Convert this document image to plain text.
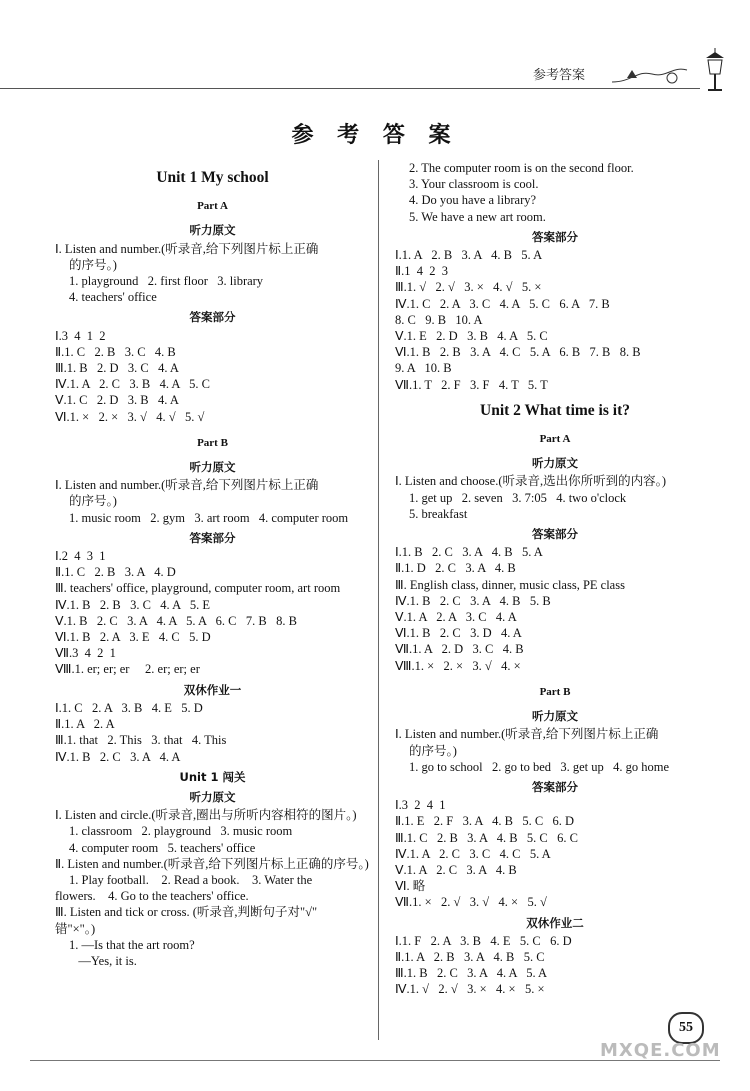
参考答案
参 考 答 案
Unit 1 My school
Part A
听力原文
Ⅰ. Listen and number.(听录音,给下列图片标上正确
的序号。)
1. playground   2. first floor   3. library
4. teachers' office
答案部分
Ⅰ.3  4  1  2
Ⅱ.1. C   2. B   3. C   4. B
Ⅲ.1. B   2. D   3. C   4. A
Ⅳ.1. A   2. C   3. B   4. A   5. C
Ⅴ.1. C   2. D   3. B   4. A
Ⅵ.1. ×   2. ×   3. √   4. √   5. √
Part B
听力原文
Ⅰ. Listen and number.(听录音,给下列图片标上正确
的序号。)
1. music room   2. gym   3. art room   4. computer room
答案部分
Ⅰ.2  4  3  1
Ⅱ.1. C   2. B   3. A   4. D
Ⅲ. teachers' office, playground, computer room, art room
Ⅳ.1. B   2. B   3. C   4. A   5. E
Ⅴ.1. B   2. C   3. A   4. A   5. A   6. C   7. B   8. B
Ⅵ.1. B   2. A   3. E   4. C   5. D
Ⅶ.3  4  2  1
Ⅷ.1. er; er; er     2. er; er; er
双休作业一
Ⅰ.1. C   2. A   3. B   4. E   5. D
Ⅱ.1. A   2. A
Ⅲ.1. that   2. This   3. that   4. This
Ⅳ.1. B   2. C   3. A   4. A
Unit 1 闯关
听力原文
Ⅰ. Listen and circle.(听录音,圈出与所听内容相符的图片。)
1. classroom   2. playground   3. music room
4. computer room   5. teachers' office
Ⅱ. Listen and number.(听录音,给下列图片标上正确的序号。)
1. Play football.    2. Read a book.    3. Water the
flowers.    4. Go to the teachers' office.
Ⅲ. Listen and tick or cross. (听录音,判断句子对"√"
错"×"。)
1. —Is that the art room?
—Yes, it is.
2. The computer room is on the second floor.
3. Your classroom is cool.
4. Do you have a library?
5. We have a new art room.
答案部分
Ⅰ.1. A   2. B   3. A   4. B   5. A
Ⅱ.1  4  2  3
Ⅲ.1. √   2. √   3. ×   4. √   5. ×
Ⅳ.1. C   2. A   3. C   4. A   5. C   6. A   7. B
8. C   9. B   10. A
Ⅴ.1. E   2. D   3. B   4. A   5. C
Ⅵ.1. B   2. B   3. A   4. C   5. A   6. B   7. B   8. B
9. A   10. B
Ⅶ.1. T   2. F   3. F   4. T   5. T
Unit 2 What time is it?
Part A
听力原文
Ⅰ. Listen and choose.(听录音,选出你所听到的内容。)
1. get up   2. seven   3. 7:05   4. two o'clock
5. breakfast
答案部分
Ⅰ.1. B   2. C   3. A   4. B   5. A
Ⅱ.1. D   2. C   3. A   4. B
Ⅲ. English class, dinner, music class, PE class
Ⅳ.1. B   2. C   3. A   4. B   5. B
Ⅴ.1. A   2. A   3. C   4. A
Ⅵ.1. B   2. C   3. D   4. A
Ⅶ.1. A   2. D   3. C   4. B
Ⅷ.1. ×   2. ×   3. √   4. ×
Part B
听力原文
Ⅰ. Listen and number.(听录音,给下列图片标上正确
的序号。)
1. go to school   2. go to bed   3. get up   4. go home
答案部分
Ⅰ.3  2  4  1
Ⅱ.1. E   2. F   3. A   4. B   5. C   6. D
Ⅲ.1. C   2. B   3. A   4. B   5. C   6. C
Ⅳ.1. A   2. C   3. C   4. C   5. A
Ⅴ.1. A   2. C   3. A   4. B
Ⅵ. 略
Ⅶ.1. ×   2. √   3. √   4. ×   5. √
双休作业二
Ⅰ.1. F   2. A   3. B   4. E   5. C   6. D
Ⅱ.1. A   2. B   3. A   4. B   5. C
Ⅲ.1. B   2. C   3. A   4. A   5. A
Ⅳ.1. √   2. √   3. ×   4. ×   5. ×
55
MXQE.COM
